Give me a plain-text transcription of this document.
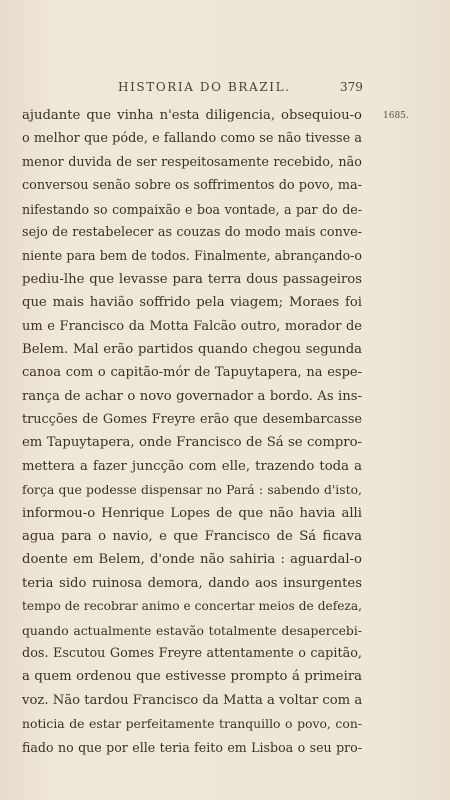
HISTORIA DO BRAZIL.	379
1685.
ajudante que vinha n'esta diligencia, obsequiou-o
o melhor que póde, e fallando como se não tivesse a
menor duvida de ser respeitosamente recebido, não
conversou senão sobre os soffrimentos do povo, ma-
nifestando so compaixão e boa vontade, a par do de-
sejo de restabelecer as couzas do modo mais conve-
niente para bem de todos. Finalmente, abrançando-o
pediu-lhe que levasse para terra dous passageiros
que mais havião soffrido pela viagem; Moraes foi
um e Francisco da Motta Falcão outro, morador de
Belem. Mal erão partidos quando chegou segunda
canoa com o capitão-mór de Tapuytapera, na espe-
rança de achar o novo governador a bordo. As ins-
trucções de Gomes Freyre erão que desembarcasse
em Tapuytapera, onde Francisco de Sá se compro-
mettera a fazer juncção com elle, trazendo toda a
força que podesse dispensar no Pará : sabendo d'isto,
informou-o Henrique Lopes de que não havia alli
agua para o navio, e que Francisco de Sá ficava
doente em Belem, d'onde não sahiria : aguardal-o
teria sido ruinosa demora, dando aos insurgentes
tempo de recobrar animo e concertar meios de defeza,
quando actualmente estavão totalmente desapercebi-
dos. Escutou Gomes Freyre attentamente o capitão,
a quem ordenou que estivesse prompto á primeira
voz. Não tardou Francisco da Matta a voltar com a
noticia de estar perfeitamente tranquillo o povo, con-
fiado no que por elle teria feito em Lisboa o seu pro-
